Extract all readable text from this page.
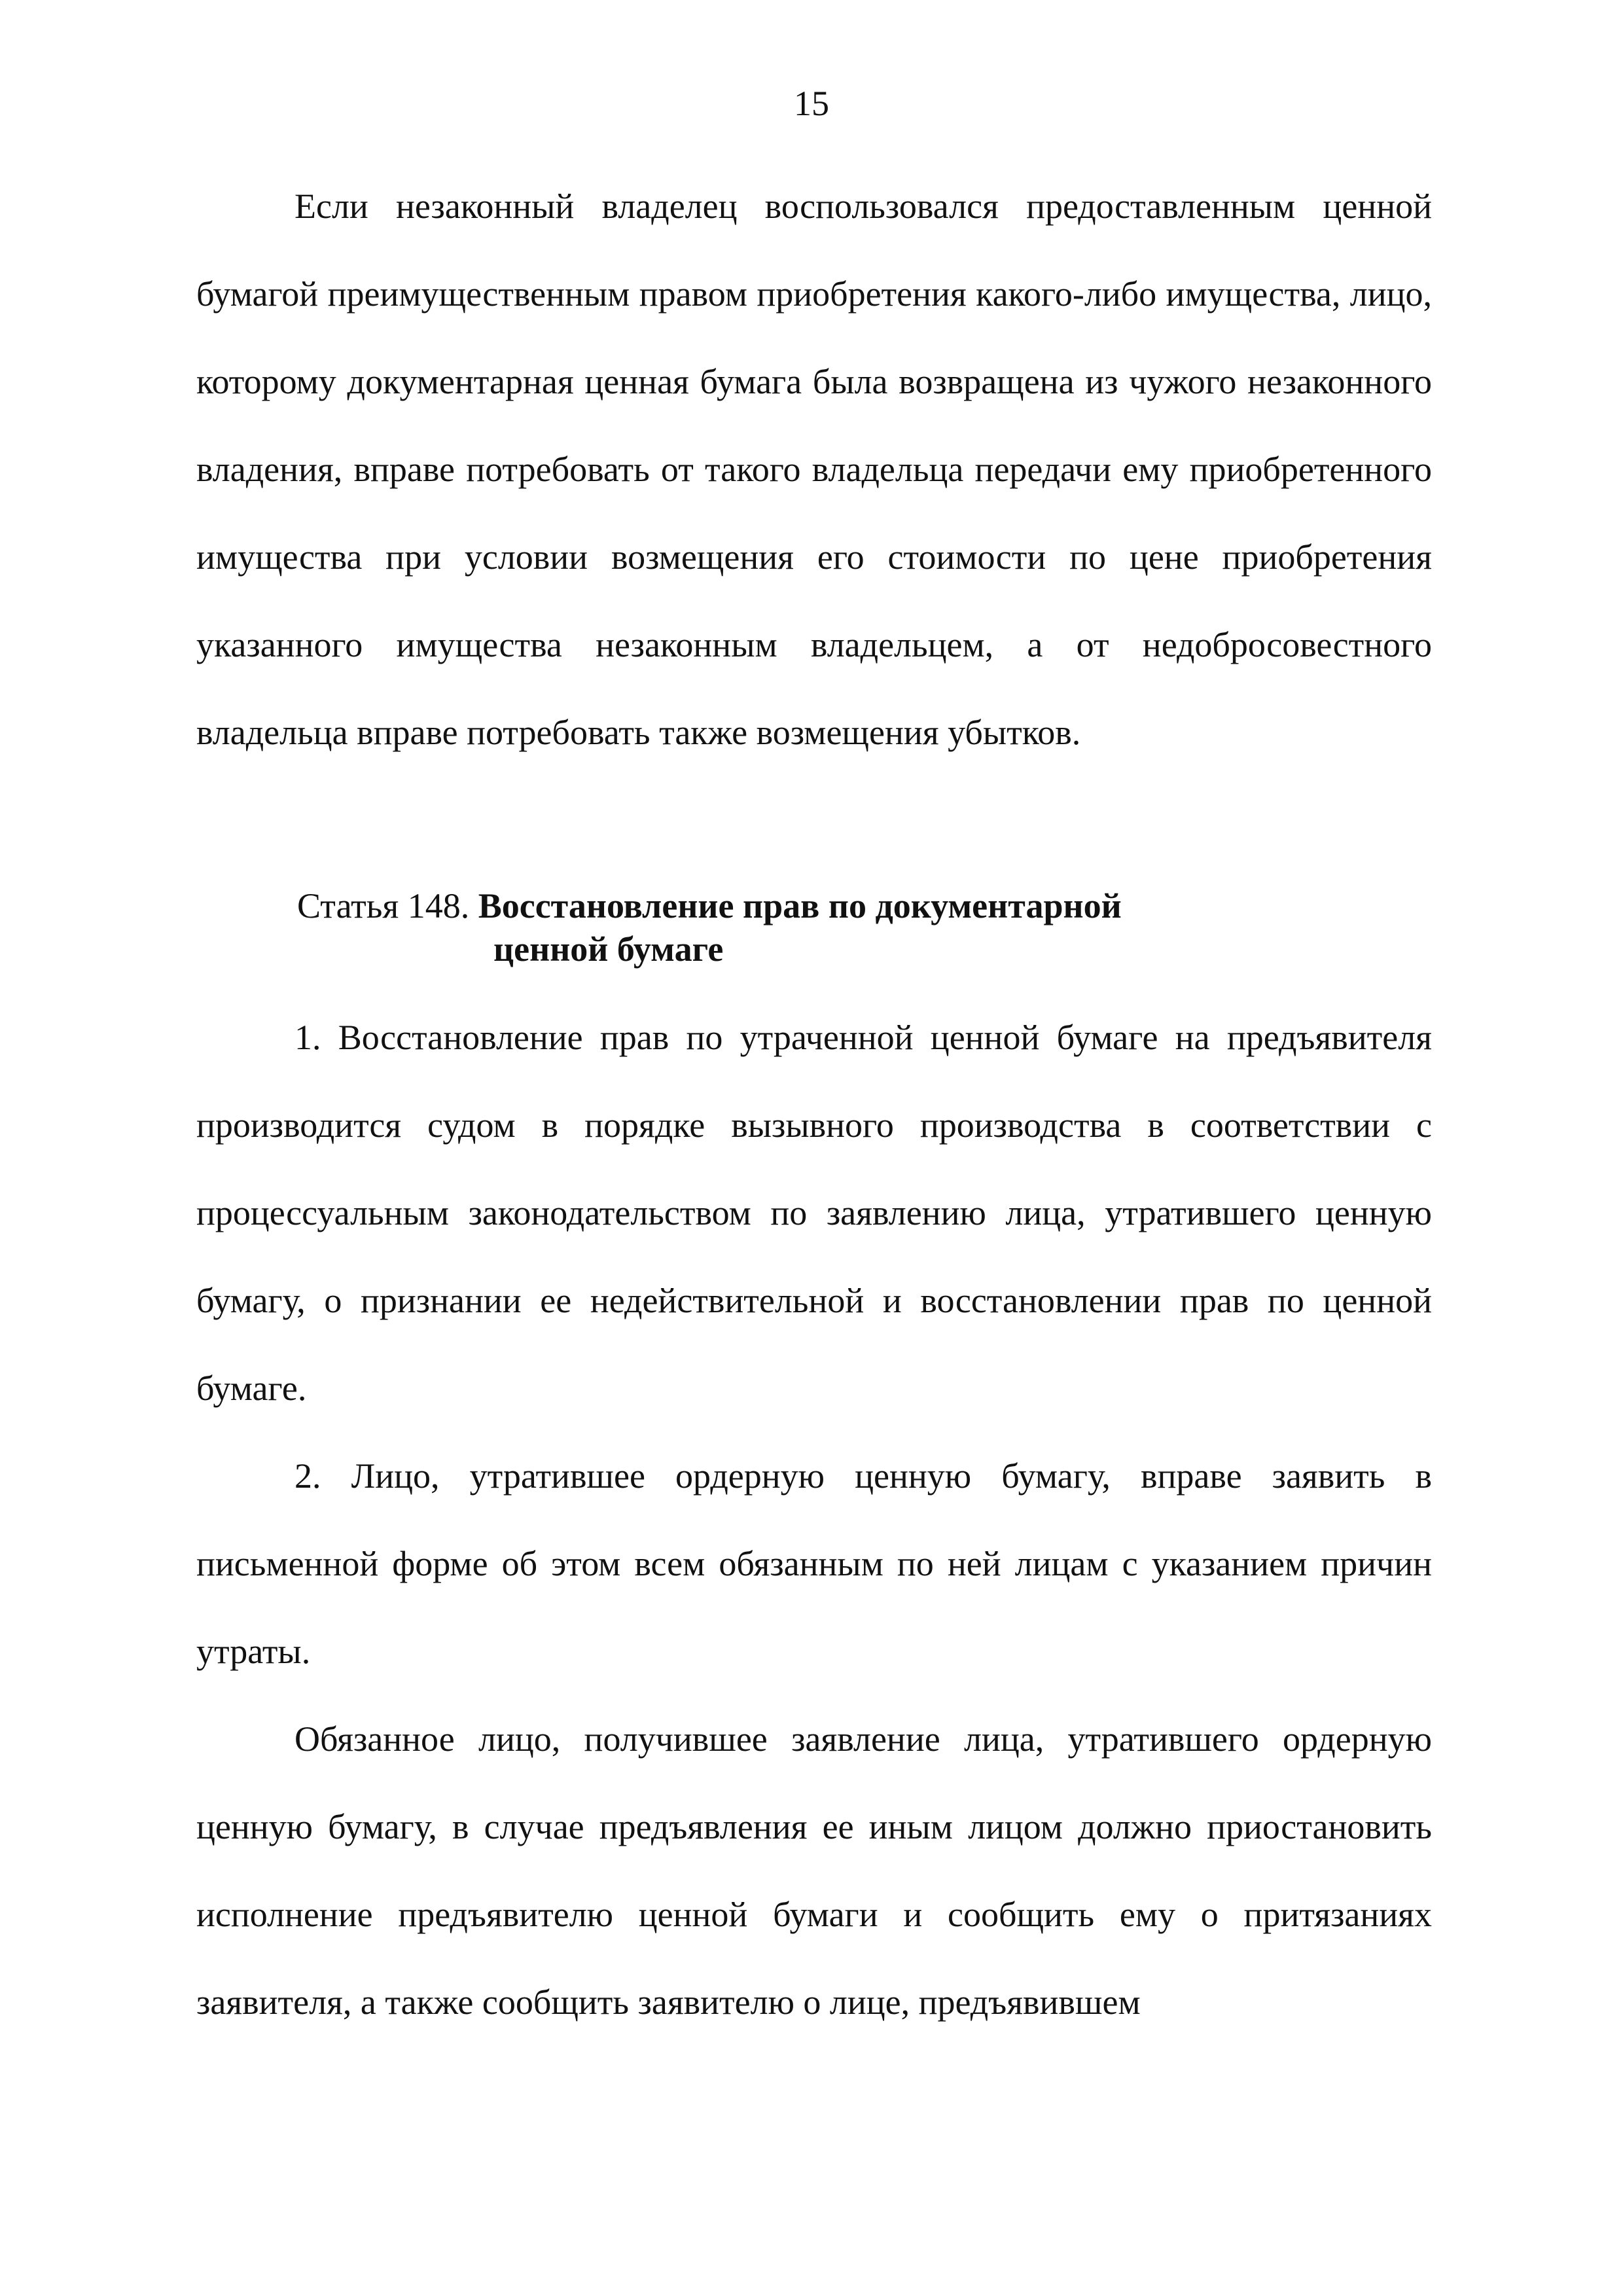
15

Если незаконный владелец воспользовался предоставленным ценной бумагой преимущественным правом приобретения какого-либо имущества, лицо, которому документарная ценная бумага была возвращена из чужого незаконного владения, вправе потребовать от такого владельца передачи ему приобретенного имущества при условии возмещения его стоимости по цене приобретения указанного имущества незаконным владельцем, а от недобросовестного владельца вправе потребовать также возмещения убытков.

Статья 148. Восстановление прав по документарной
ценной бумаге

1. Восстановление прав по утраченной ценной бумаге на предъявителя производится судом в порядке вызывного производства в соответствии с процессуальным законодательством по заявлению лица, утратившего ценную бумагу, о признании ее недействительной и восстановлении прав по ценной бумаге.

2. Лицо, утратившее ордерную ценную бумагу, вправе заявить в письменной форме об этом всем обязанным по ней лицам с указанием причин утраты.

Обязанное лицо, получившее заявление лица, утратившего ордерную ценную бумагу, в случае предъявления ее иным лицом должно приостановить исполнение предъявителю ценной бумаги и сообщить ему о притязаниях заявителя, а также сообщить заявителю о лице, предъявившем
